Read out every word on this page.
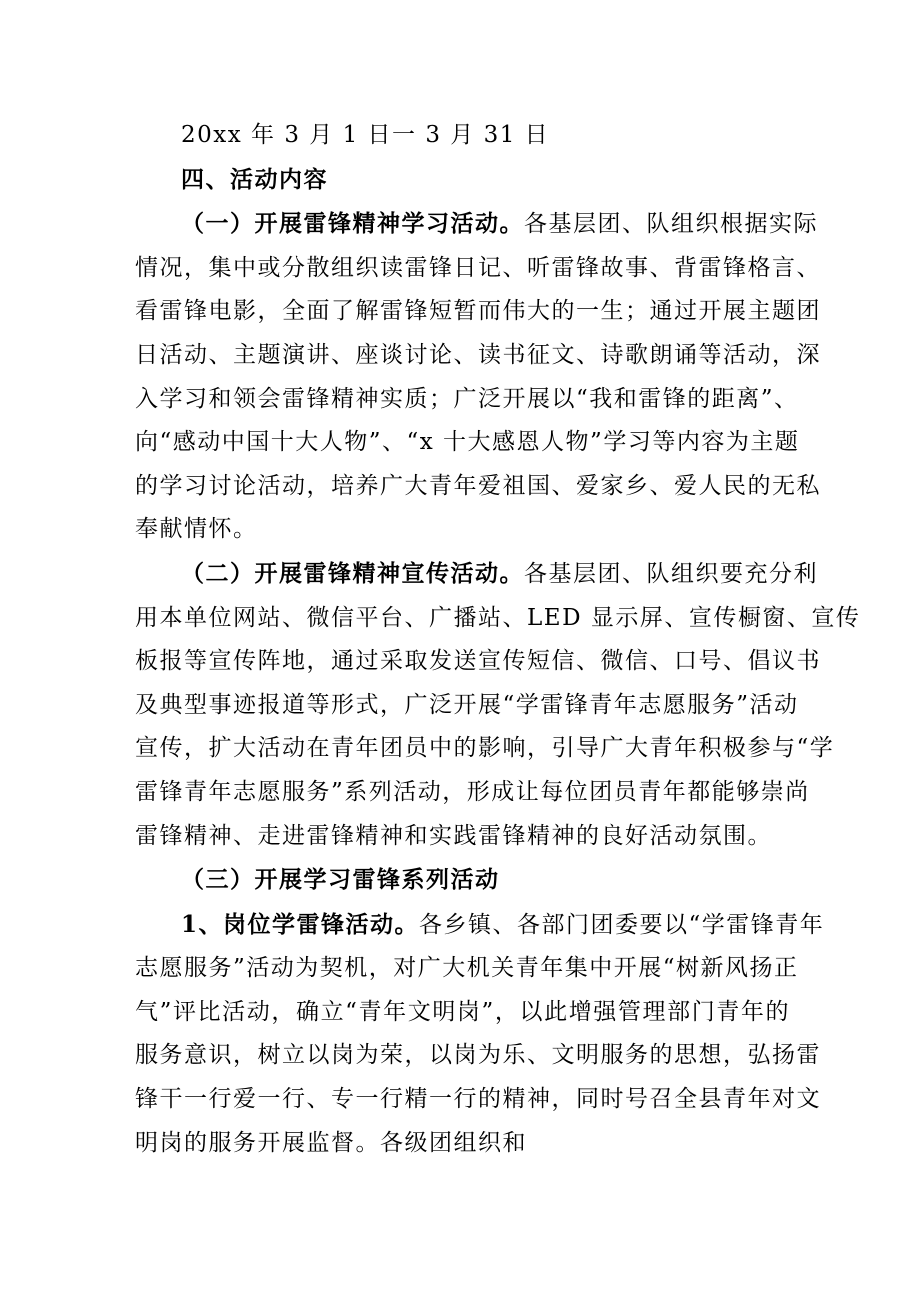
20xx 年 3 月 1 日一 3 月 31 日
四、活动内容
（一）开展雷锋精神学习活动。各基层团、队组织根据实际
情况，集中或分散组织读雷锋日记、听雷锋故事、背雷锋格言、
看雷锋电影，全面了解雷锋短暂而伟大的一生；通过开展主题团
日活动、主题演讲、座谈讨论、读书征文、诗歌朗诵等活动，深
入学习和领会雷锋精神实质；广泛开展以“我和雷锋的距离”、
向“感动中国十大人物”、“x 十大感恩人物”学习等内容为主题
的学习讨论活动，培养广大青年爱祖国、爱家乡、爱人民的无私
奉献情怀。
（二）开展雷锋精神宣传活动。各基层团、队组织要充分利
用本单位网站、微信平台、广播站、LED 显示屏、宣传橱窗、宣传
板报等宣传阵地，通过采取发送宣传短信、微信、口号、倡议书
及典型事迹报道等形式，广泛开展“学雷锋青年志愿服务”活动
宣传，扩大活动在青年团员中的影响，引导广大青年积极参与“学
雷锋青年志愿服务”系列活动，形成让每位团员青年都能够崇尚
雷锋精神、走进雷锋精神和实践雷锋精神的良好活动氛围。
（三）开展学习雷锋系列活动
1、岗位学雷锋活动。各乡镇、各部门团委要以“学雷锋青年
志愿服务”活动为契机，对广大机关青年集中开展“树新风扬正
气”评比活动，确立“青年文明岗”，以此增强管理部门青年的
服务意识，树立以岗为荣，以岗为乐、文明服务的思想，弘扬雷
锋干一行爱一行、专一行精一行的精神，同时号召全县青年对文
明岗的服务开展监督。各级团组织和
